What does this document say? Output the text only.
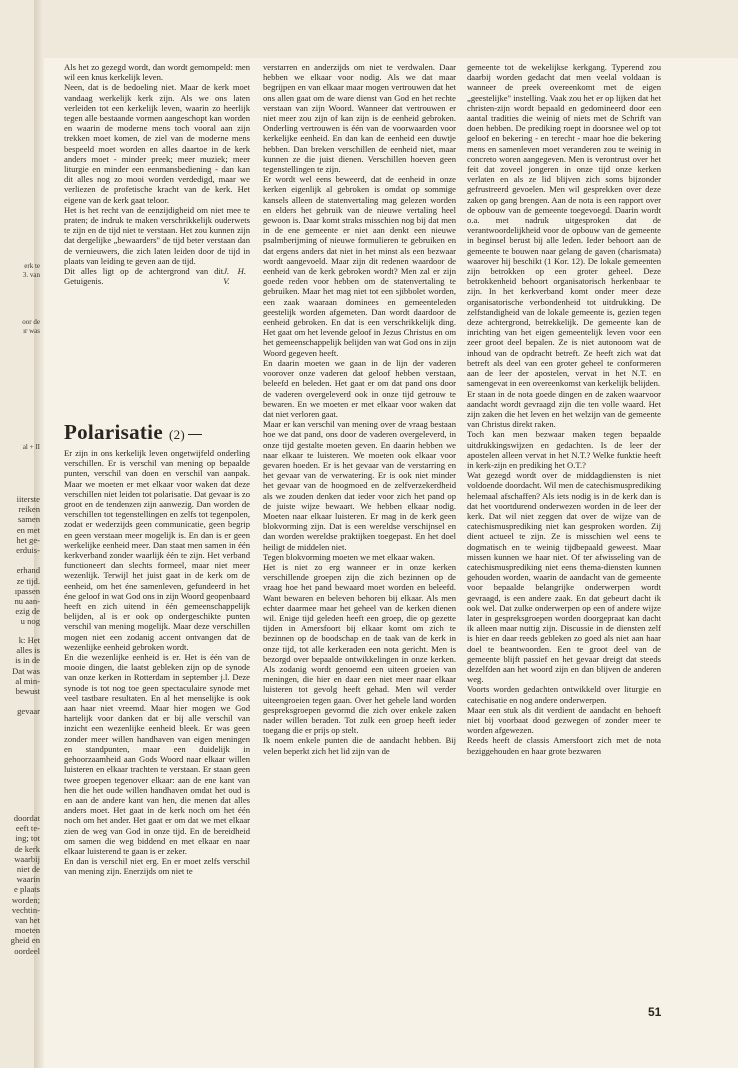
erk te

3. van

oor de

ır was

al + II

iiterste

reiken

samen

en met

het ge-

erduis-

erhand

ze tijd.

ıpassen

nu aan-

ezig de

u nog

k: Het

alles is

is in de

Dat was

al min-

bewust

gevaar

doordat

eeft te-

ing; tot

de kerk

waarbij

niet de

waarin

e plaats

worden;

vechtin-

van het

moeten

gheid en

oordeel

Als het zo gezegd wordt, dan wordt gemompeld: men wil een knus kerkelijk leven.

Neen, dat is de bedoeling niet. Maar de kerk moet vandaag werkelijk kerk zijn. Als we ons laten verleiden tot een kerkelijk leven, waarin zo heerlijk tegen alle bestaande vormen aangeschopt kan worden en waarin de moderne mens toch vooral aan zijn trekken moet komen, de ziel van de moderne mens bespeeld moet worden en alles daartoe in de kerk anders moet - minder preek; meer muziek; meer liturgie en minder een eenmansbediening - dan kan dit alles nog zo mooi worden verdedigd, maar we verliezen de profetische kracht van de kerk. Het eigene van de kerk gaat teloor.

Het is het recht van de eenzijdigheid om niet mee te praten; de indruk te maken verschrikkelijk ouderwets te zijn en de tijd niet te verstaan. Het zou kunnen zijn dat dergelijke „bewaarders" de tijd beter verstaan dan de vernieuwers, die zich laten leiden door de tijd in plaats van leiding te geven aan de tijd.

Dit alles ligt op de achtergrond van dit Getuigenis.
J. H. V.
Polarisatie (2)

Er zijn in ons kerkelijk leven ongetwijfeld onderling verschillen. Er is verschil van mening op bepaalde punten, verschil van doen en verschil van aanpak. Maar we moeten er met elkaar voor waken dat deze verschillen niet leiden tot polarisatie. Dat gevaar is zo groot en de tendenzen zijn aanwezig. Dan worden de verschillen tot tegenstellingen en zelfs tot tegenpolen, zodat er wederzijds geen communicatie, geen begrip en geen verstaan meer mogelijk is. En dan is er geen werkelijke eenheid meer. Dan staat men samen in één kerkverband zonder waarlijk één te zijn. Het verband functioneert dan slechts formeel, maar niet meer wezenlijk. Terwijl het juist gaat in de kerk om de eenheid, om het éne samenleven, gefundeerd in het éne geloof in wat God ons in zijn Woord geopenbaard heeft en zich uitend in één gemeenschappelijk belijden, al is er ook op ondergeschikte punten verschil van mening mogelijk. Maar deze verschillen mogen niet een zodanig accent ontvangen dat de wezenlijke eenheid gebroken wordt.

En die wezenlijke eenheid is er. Het is één van de mooie dingen, die laatst gebleken zijn op de synode van onze kerken in Rotterdam in september j.l. Deze synode is tot nog toe geen spectaculaire synode met veel tastbare resultaten. En al het menselijke is ook aan haar niet vreemd. Maar hier mogen we God hartelijk voor danken dat er bij alle verschil van inzicht een wezenlijke eenheid bleek. Er was geen zonder meer willen handhaven van eigen meningen en standpunten, maar een duidelijk in gehoorzaamheid aan Gods Woord naar elkaar willen luisteren en elkaar trachten te verstaan. Er staan geen twee groepen tegenover elkaar: aan de ene kant van hen die het oude willen handhaven omdat het oud is en aan de andere kant van hen, die menen dat alles anders moet. Het gaat in de kerk noch om het één noch om het ander. Het gaat er om dat we met elkaar zien de weg van God in onze tijd. En de bereidheid om samen die weg biddend en met elkaar en naar elkaar luisterend te gaan is er zeker.

En dan is verschil niet erg. En er moet zelfs verschil van mening zijn. Enerzijds om niet te

verstarren en anderzijds om niet te verdwalen. Daar hebben we elkaar voor nodig. Als we dat maar begrijpen en van elkaar maar mogen vertrouwen dat het ons allen gaat om de ware dienst van God en het rechte verstaan van zijn Woord. Wanneer dat vertrouwen er niet meer zou zijn of kan zijn is de eenheid gebroken. Onderling vertrouwen is één van de voorwaarden voor kerkelijke eenheid. En dan kan de eenheid een duwtje hebben. Dan breken verschillen de eenheid niet, maar kunnen ze die juist dienen. Verschillen hoeven geen tegenstellingen te zijn.

Er wordt wel eens beweerd, dat de eenheid in onze kerken eigenlijk al gebroken is omdat op sommige kansels alleen de statenvertaling mag gelezen worden en elders het gebruik van de nieuwe vertaling heel gewoon is. Daar komt straks misschien nog bij dat men in de ene gemeente er niet aan denkt een nieuwe psalmberijming of nieuwe formulieren te gebruiken en dat ergens anders dat niet in het minst als een bezwaar wordt aangevoeld. Maar zijn dit redenen waardoor de eenheid van de kerk gebroken wordt? Men zal er zijn goede reden voor hebben om de statenvertaling te gebruiken. Maar het mag niet tot een sjibbolet worden, een zaak waaraan dominees en gemeenteleden geestelijk worden afgemeten. Dan wordt daardoor de eenheid gebroken. En dat is een verschrikkelijk ding. Het gaat om het levende geloof in Jezus Christus en om het gemeenschappelijk belijden van wat God ons in zijn Woord gegeven heeft.

En daarin moeten we gaan in de lijn der vaderen voorover onze vaderen dat geloof hebben verstaan, beleefd en beleden. Het gaat er om dat pand ons door de vaderen overgeleverd ook in onze tijd getrouw te bewaren. En we moeten er met elkaar voor waken dat dat niet verloren gaat.

Maar er kan verschil van mening over de vraag bestaan hoe we dat pand, ons door de vaderen overgeleverd, in onze tijd gestalte moeten geven. En daarin hebben we naar elkaar te luisteren. We moeten ook elkaar voor gevaren hoeden. Er is het gevaar van de verstarring en het gevaar van de verwatering. Er is ook niet minder het gevaar van de hoogmoed en de zelfverzekerdheid als we zouden denken dat ieder voor zich het pand op de juiste wijze bewaart. We hebben elkaar nodig. Moeten naar elkaar luisteren. Er mag in de kerk geen blokvorming zijn. Dat is een wereldse verschijnsel en dan worden wereldse praktijken toegepast. En het doel heiligt de middelen niet.

Tegen blokvorming moeten we met elkaar waken.

Het is niet zo erg wanneer er in onze kerken verschillende groepen zijn die zich bezinnen op de vraag hoe het pand bewaard moet worden en beleefd. Want bewaren en beleven behoren bij elkaar. Als men echter daarmee maar het geheel van de kerken dienen wil. Enige tijd geleden heeft een groep, die op gezette tijden in Amersfoort bij elkaar komt om zich te bezinnen op de boodschap en de taak van de kerk in onze tijd, tot alle kerkeraden een nota gericht. Men is bezorgd over bepaalde ontwikkelingen in onze kerken. Als zodanig wordt genoemd een uiteen groeien van meningen, die hier en daar een niet meer naar elkaar luisteren tot gevolg heeft gehad. Men wil verder uiteengroeien tegen gaan. Over het gehele land worden gespreksgroepen gevormd die zich over enkele zaken nader willen beraden. Tot zulk een groep heeft ieder toegang die er prijs op stelt.

Ik noem enkele punten die de aandacht hebben. Bij velen beperkt zich het lid zijn van de

gemeente tot de wekelijkse kerkgang. Typerend zou daarbij worden gedacht dat men veelal voldaan is wanneer de preek overeenkomt met de eigen „geestelijke" instelling. Vaak zou het er op lijken dat het christen-zijn wordt bepaald en gedomineerd door een aantal tradities die weinig of niets met de Schrift van doen hebben. De prediking roept in doorsnee wel op tot geloof en bekering - en terecht - maar hoe die bekering mens en samenleven moet veranderen zou te weinig in concreto woren aangegeven. Men is verontrust over het feit dat zoveel jongeren in onze tijd onze kerken verlaten en als ze lid blijven zich soms bijzonder gefrustreerd gevoelen. Men wil gesprekken over deze zaken op gang brengen. Aan de nota is een rapport over de opbouw van de gemeente toegevoegd. Daarin wordt o.a. met nadruk uitgesproken dat de verantwoordelijkheid voor de opbouw van de gemeente in beginsel berust bij alle leden. Ieder behoort aan de gemeente te bouwen naar gelang de gaven (charismata) waarover hij beschikt (1 Kor. 12). De lokale gemeenten zijn betrokken op een groter geheel. Deze betrokkenheid behoort organisatorisch herkenbaar te zijn. In het kerkverband komt onder meer deze organisatorische verbondenheid tot uitdrukking. De zelfstandigheid van de lokale gemeente is, gezien tegen deze achtergrond, betrekkelijk. De gemeente kan de inrichting van het eigen gemeentelijk leven voor een zeer groot deel bepalen. Ze is niet autonoom wat de inhoud van de opdracht betreft. Ze heeft zich wat dat betreft als deel van een groter geheel te conformeren aan de leer der apostelen, vervat in het N.T. en samengevat in een overeenkomst van kerkelijk belijden.

Er staan in de nota goede dingen en de zaken waarvoor aandacht wordt gevraagd zijn die ten volle waard. Het zijn zaken die het leven en het welzijn van de gemeente van Christus direkt raken.

Toch kan men bezwaar maken tegen bepaalde uitdrukkingswijzen en gedachten. Is de leer der apostelen alleen vervat in het N.T.? Welke funktie heeft in kerk-zijn en prediking het O.T.?

Wat gezegd wordt over de middagdiensten is niet voldoende doordacht. Wil men de catechismusprediking helemaal afschaffen? Als iets nodig is in de kerk dan is dat het voortdurend onderwezen worden in de leer der kerk. Dat wil niet zeggen dat over de wijze van de catechismusprediking niet kan gesproken worden. Zij dient actueel te zijn. Ze is misschien wel eens te dogmatisch en te weinig tijdbepaald geweest. Maar missen kunnen we haar niet. Of ter afwisseling van de catechismusprediking niet eens thema-diensten kunnen gehouden worden, waarin de aandacht van de gemeente voor bepaalde belangrijke onderwerpen wordt gevraagd, is een andere zaak. En dat gebeurt dacht ik ook wel. Dat zulke onderwerpen op een of andere wijze later in gespreksgroepen worden doorgepraat kan dacht ik alleen maar nuttig zijn. Discussie in de diensten zelf is hier en daar reeds gebleken zo goed als niet aan haar doel te beantwoorden. Een te groot deel van de gemeente blijft passief en het gevaar dreigt dat steeds dezelfden aan het woord zijn en dan blijven de anderen weg.

Voorts worden gedachten ontwikkeld over liturgie en catechisatie en nog andere onderwerpen.

Maar een stuk als dit verdient de aandacht en behoeft niet bij voorbaat dood gezwegen of zonder meer te worden afgewezen.

Reeds heeft de classis Amersfoort zich met de nota beziggehouden en haar grote bezwaren

51
